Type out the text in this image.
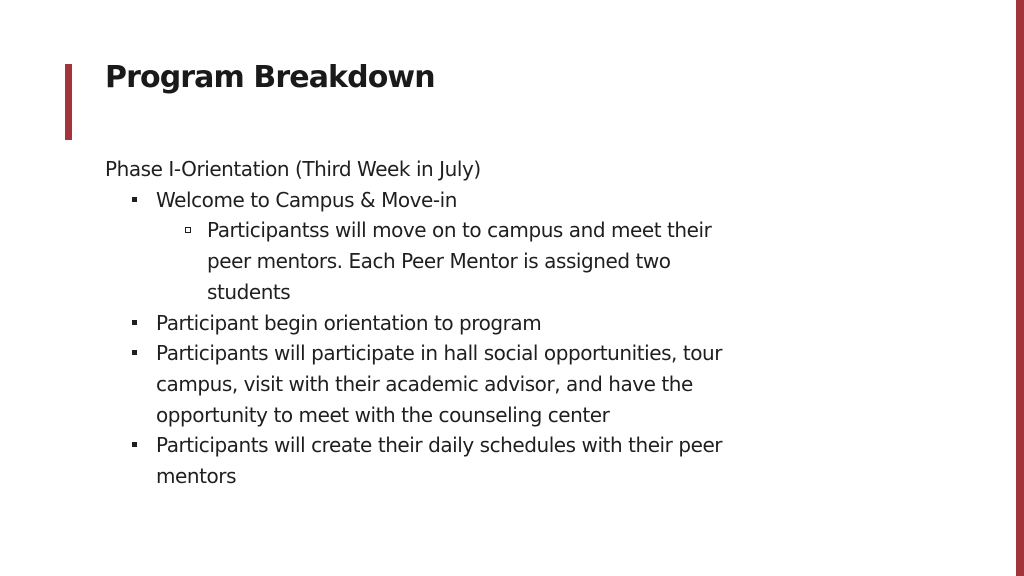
Program Breakdown

Phase I-Orientation (Third Week in July)

Welcome to Campus & Move-in
Participantss will move on to campus and meet their peer mentors. Each Peer Mentor is assigned two students
Participant begin orientation to program
Participants will participate in hall social opportunities, tour campus, visit with their academic advisor, and have the opportunity to meet with the counseling center
Participants will create their daily schedules with their peer mentors
